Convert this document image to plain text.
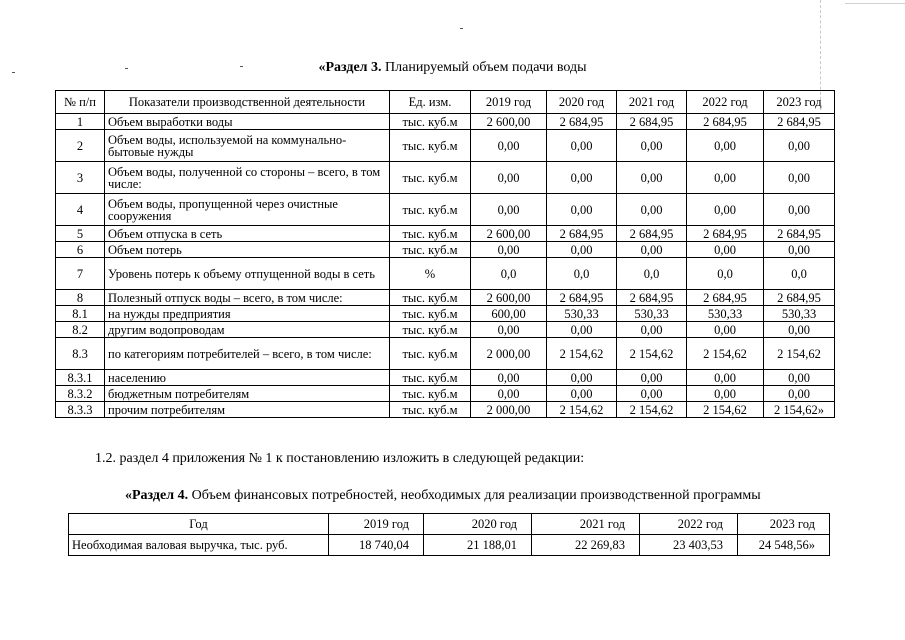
«Раздел 3. Планируемый объем подачи воды
№ п/п	Показатели производственной деятельности	Ед. изм.	2019 год	2020 год	2021 год	2022 год	2023 год
1	Объем выработки воды	тыс. куб.м	2 600,00	2 684,95	2 684,95	2 684,95	2 684,95
2	Объем воды, используемой на коммунально-бытовые нужды	тыс. куб.м	0,00	0,00	0,00	0,00	0,00
3	Объем воды, полученной со стороны – всего, в том числе:	тыс. куб.м	0,00	0,00	0,00	0,00	0,00
4	Объем воды, пропущенной через очистные сооружения	тыс. куб.м	0,00	0,00	0,00	0,00	0,00
5	Объем отпуска в сеть	тыс. куб.м	2 600,00	2 684,95	2 684,95	2 684,95	2 684,95
6	Объем потерь	тыс. куб.м	0,00	0,00	0,00	0,00	0,00
7	Уровень потерь к объему отпущенной воды в сеть	%	0,0	0,0	0,0	0,0	0,0
8	Полезный отпуск воды – всего, в том числе:	тыс. куб.м	2 600,00	2 684,95	2 684,95	2 684,95	2 684,95
8.1	на нужды предприятия	тыс. куб.м	600,00	530,33	530,33	530,33	530,33
8.2	другим водопроводам	тыс. куб.м	0,00	0,00	0,00	0,00	0,00
8.3	по категориям потребителей – всего, в том числе:	тыс. куб.м	2 000,00	2 154,62	2 154,62	2 154,62	2 154,62
8.3.1	населению	тыс. куб.м	0,00	0,00	0,00	0,00	0,00
8.3.2	бюджетным потребителям	тыс. куб.м	0,00	0,00	0,00	0,00	0,00
8.3.3	прочим потребителям	тыс. куб.м	2 000,00	2 154,62	2 154,62	2 154,62	2 154,62»
1.2. раздел 4 приложения № 1 к постановлению изложить в следующей редакции:
«Раздел 4. Объем финансовых потребностей, необходимых для реализации производственной программы
Год	2019 год	2020 год	2021 год	2022 год	2023 год
Необходимая валовая выручка, тыс. руб.	18 740,04	21 188,01	22 269,83	23 403,53	24 548,56»
